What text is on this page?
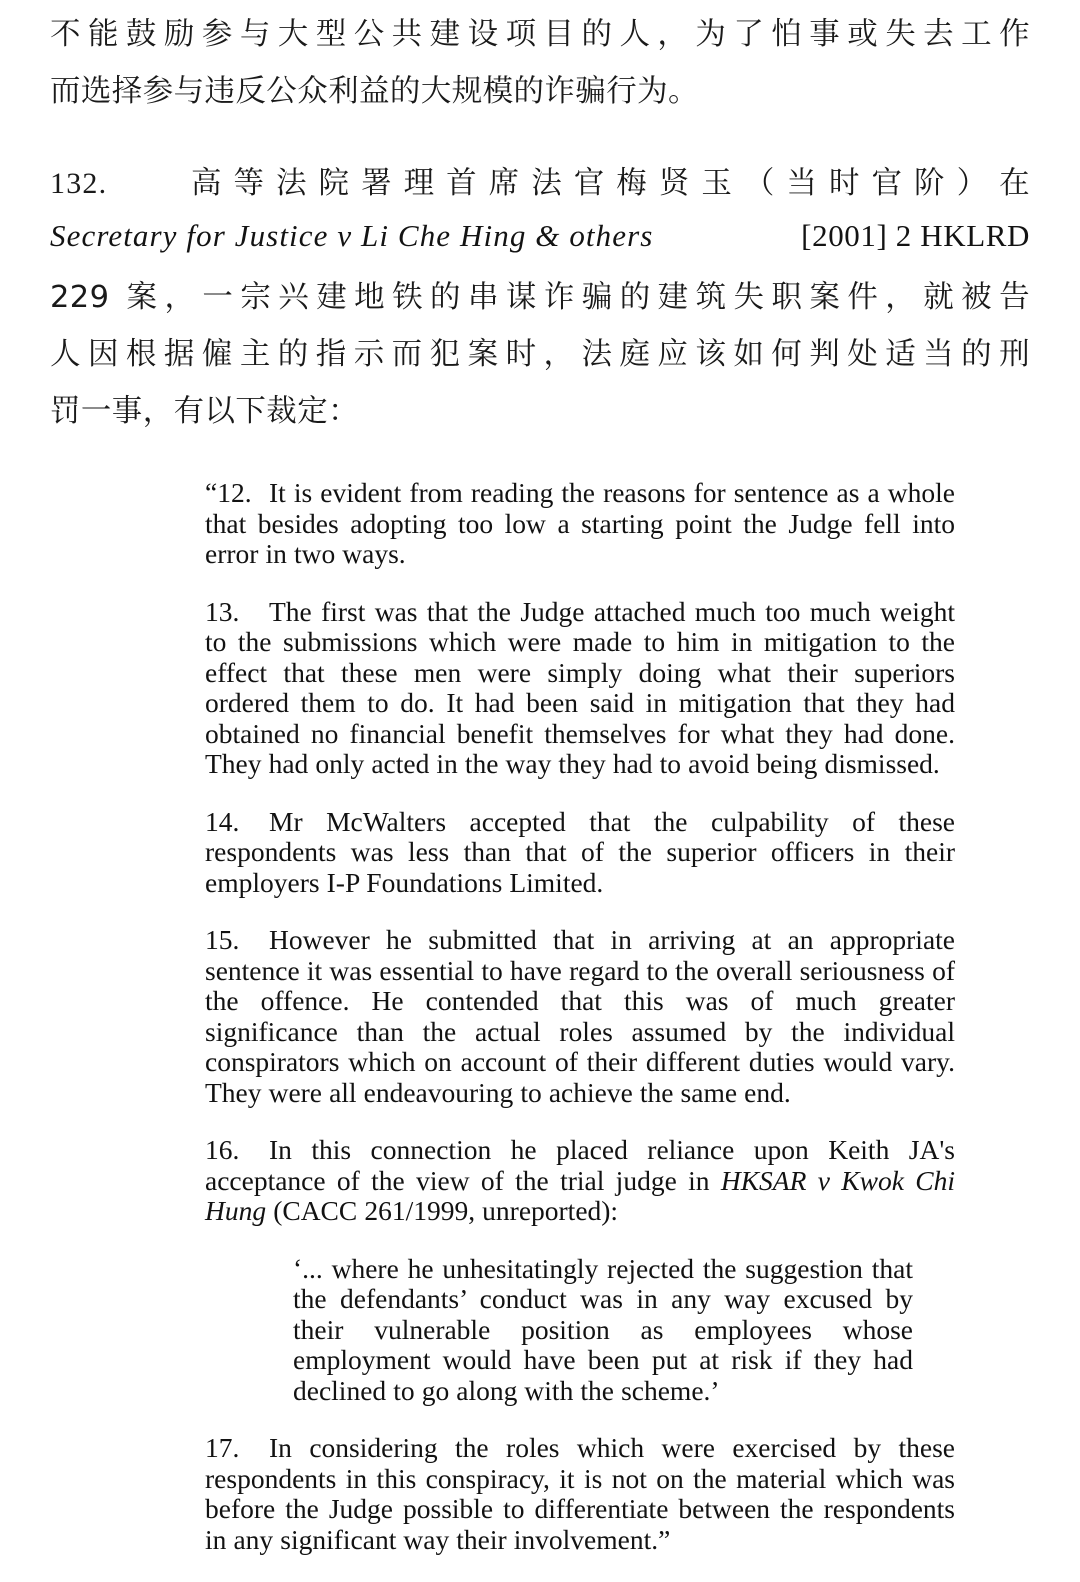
不能鼓励参与大型公共建设项目的人，为了怕事或失去工作
而选择参与违反公众利益的大规模的诈骗行为。
132. 高等法院署理首席法官梅贤玉（当时官阶）在
229 案，一宗兴建地铁的串谋诈骗的建筑失职案件，就被告
人因根据僱主的指示而犯案时，法庭应该如何判处适当的刑
罚一事，有以下裁定：
Secretary for Justice v Li Che Hing & others	[2001] 2 HKLRD

“12. It is evident from reading the reasons for sentence as a whole that besides adopting too low a starting point the Judge fell into error in two ways.

13. The first was that the Judge attached much too much weight to the submissions which were made to him in mitigation to the effect that these men were simply doing what their superiors ordered them to do. It had been said in mitigation that they had obtained no financial benefit themselves for what they had done. They had only acted in the way they had to avoid being dismissed.

14. Mr McWalters accepted that the culpability of these respondents was less than that of the superior officers in their employers I-P Foundations Limited.

15. However he submitted that in arriving at an appropriate sentence it was essential to have regard to the overall seriousness of the offence. He contended that this was of much greater significance than the actual roles assumed by the individual conspirators which on account of their different duties would vary. They were all endeavouring to achieve the same end.

16. In this connection he placed reliance upon Keith JA's acceptance of the view of the trial judge in HKSAR v Kwok Chi Hung (CACC 261/1999, unreported):

‘... where he unhesitatingly rejected the suggestion that the defendants’ conduct was in any way excused by their vulnerable position as employees whose employment would have been put at risk if they had declined to go along with the scheme.’

17. In considering the roles which were exercised by these respondents in this conspiracy, it is not on the material which was before the Judge possible to differentiate between the respondents in any significant way their involvement.”
